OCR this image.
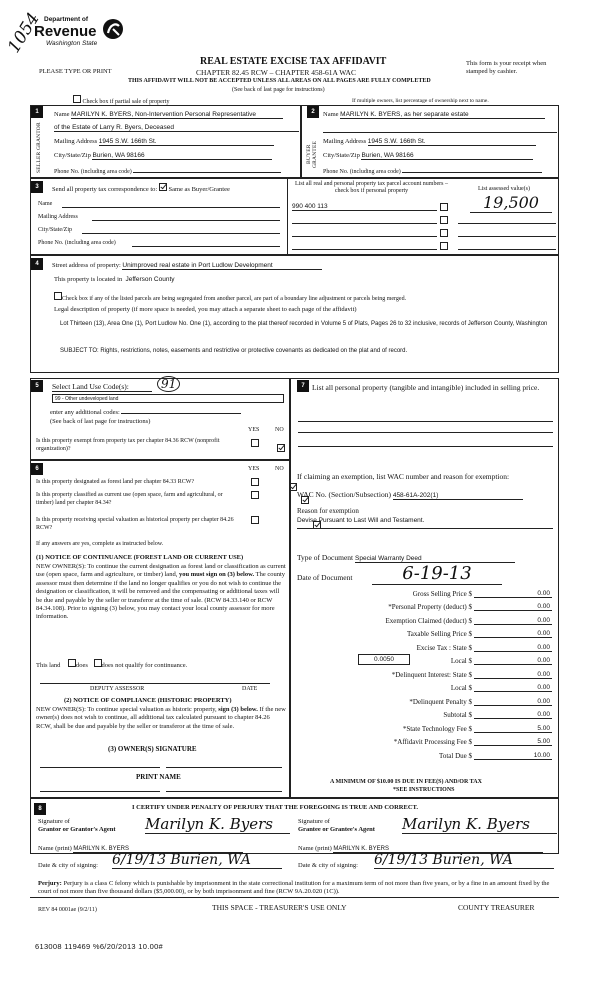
1054 Department of
Revenue
Washington State
PLEASE TYPE OR PRINT
REAL ESTATE EXCISE TAX AFFIDAVIT
CHAPTER 82.45 RCW – CHAPTER 458-61A WAC
THIS AFFIDAVIT WILL NOT BE ACCEPTED UNLESS ALL AREAS ON ALL PAGES ARE FULLY COMPLETED
(See back of last page for instructions)
This form is your receipt when stamped by cashier.
Check box if partial sale of property	If multiple owners, list percentage of ownership next to name.
1	2
SELLER GRANTOR	BUYER GRANTEE
Name MARILYN K. BYERS, Non-Intervention Personal Representative
of the Estate of Larry R. Byers, Deceased
Mailing Address 1945 S.W. 166th St.
City/State/Zip Burien, WA 98166
Phone No. (including area code)
Name MARILYN K. BYERS, as her separate estate
Mailing Address 1945 S.W. 166th St.
City/State/Zip Burien, WA 98166
Phone No. (including area code)
3	Send all property tax correspondence to: Same as Buyer/Grantee
Name
Mailing Address
City/State/Zip
Phone No. (including area code)
List all real and personal property tax parcel account numbers – check box if personal property	List assessed value(s)
990 400 113	19,500
4	Street address of property: Unimproved real estate in Port Ludlow Development
This property is located in Jefferson County
Check box if any of the listed parcels are being segregated from another parcel, are part of a boundary line adjustment or parcels being merged.
Legal description of property (if more space is needed, you may attach a separate sheet to each page of the affidavit)
Lot Thirteen (13), Area One (1), Port Ludlow No. One (1), according to the plat thereof recorded in Volume 5 of Plats, Pages 26 to 32 inclusive, records of Jefferson County, Washington
SUBJECT TO: Rights, restrictions, notes, easements and restrictive or protective covenants as dedicated on the plat and of record.
5	Select Land Use Code(s):	91
99 - Other undeveloped land
enter any additional codes:
(See back of last page for instructions)
YES	NO
Is this property exempt from property tax per chapter 84.36 RCW (nonprofit organization)?

6	YES	NO
Is this property designated as forest land per chapter 84.33 RCW?

Is this property classified as current use (open space, farm and agricultural, or timber) land per chapter 84.34?

Is this property receiving special valuation as historical property per chapter 84.26 RCW?
If any answers are yes, complete as instructed below.
(1) NOTICE OF CONTINUANCE (FOREST LAND OR CURRENT USE)
NEW OWNER(S): To continue the current designation as forest land or classification as current use (open space, farm and agriculture, or timber) land, you must sign on (3) below. The county assessor must then determine if the land no longer qualifies or you do not wish to continue the designation or classification, it will be removed and the compensating or additional taxes will be due and payable by the seller or transferor at the time of sale. (RCW 84.33.140 or RCW 84.34.108). Prior to signing (3) below, you may contact your local county assessor for more information.
This land does does not qualify for continuance.
DEPUTY ASSESSOR	DATE
(2) NOTICE OF COMPLIANCE (HISTORIC PROPERTY)
NEW OWNER(S): To continue special valuation as historic property, sign (3) below. If the new owner(s) does not wish to continue, all additional tax calculated pursuant to chapter 84.26 RCW, shall be due and payable by the seller or transferor at the time of sale.
(3) OWNER(S) SIGNATURE
PRINT NAME
7 List all personal property (tangible and intangible) included in selling price.
If claiming an exemption, list WAC number and reason for exemption:
WAC No. (Section/Subsection) 458-61A-202(1)
Reason for exemption
Devise Pursuant to Last Will and Testament.
Type of Document Special Warranty Deed
Date of Document	6-19-13
Gross Selling Price $	0.00
*Personal Property (deduct) $	0.00
Exemption Claimed (deduct) $	0.00
Taxable Selling Price $	0.00
Excise Tax : State $	0.00
Local $	0.00
*Delinquent Interest: State $	0.00
Local $	0.00
*Delinquent Penalty $	0.00
Subtotal $	0.00
*State Technology Fee $	5.00
*Affidavit Processing Fee $	5.00
Total Due $	10.00
0.0050
A MINIMUM OF $10.00 IS DUE IN FEE(S) AND/OR TAX
*SEE INSTRUCTIONS
8	I CERTIFY UNDER PENALTY OF PERJURY THAT THE FOREGOING IS TRUE AND CORRECT.
Signature of
Grantor or Grantor's Agent Marilyn K. Byers	Signature of
Grantee or Grantee's Agent Marilyn K. Byers
Name (print) MARILYN K. BYERS	Name (print) MARILYN K. BYERS
Date & city of signing: 6/19/13 Burien, WA	Date & city of signing: 6/19/13 Burien, WA
Perjury: Perjury is a class C felony which is punishable by imprisonment in the state correctional institution for a maximum term of not more than five years, or by a fine in an amount fixed by the court of not more than five thousand dollars ($5,000.00), or by both imprisonment and fine (RCW 9A.20.020 (1C)).
REV 84 0001ae (9/2/11)	THIS SPACE - TREASURER'S USE ONLY	COUNTY TREASURER
613008 119469 %6/20/2013 10.00#
